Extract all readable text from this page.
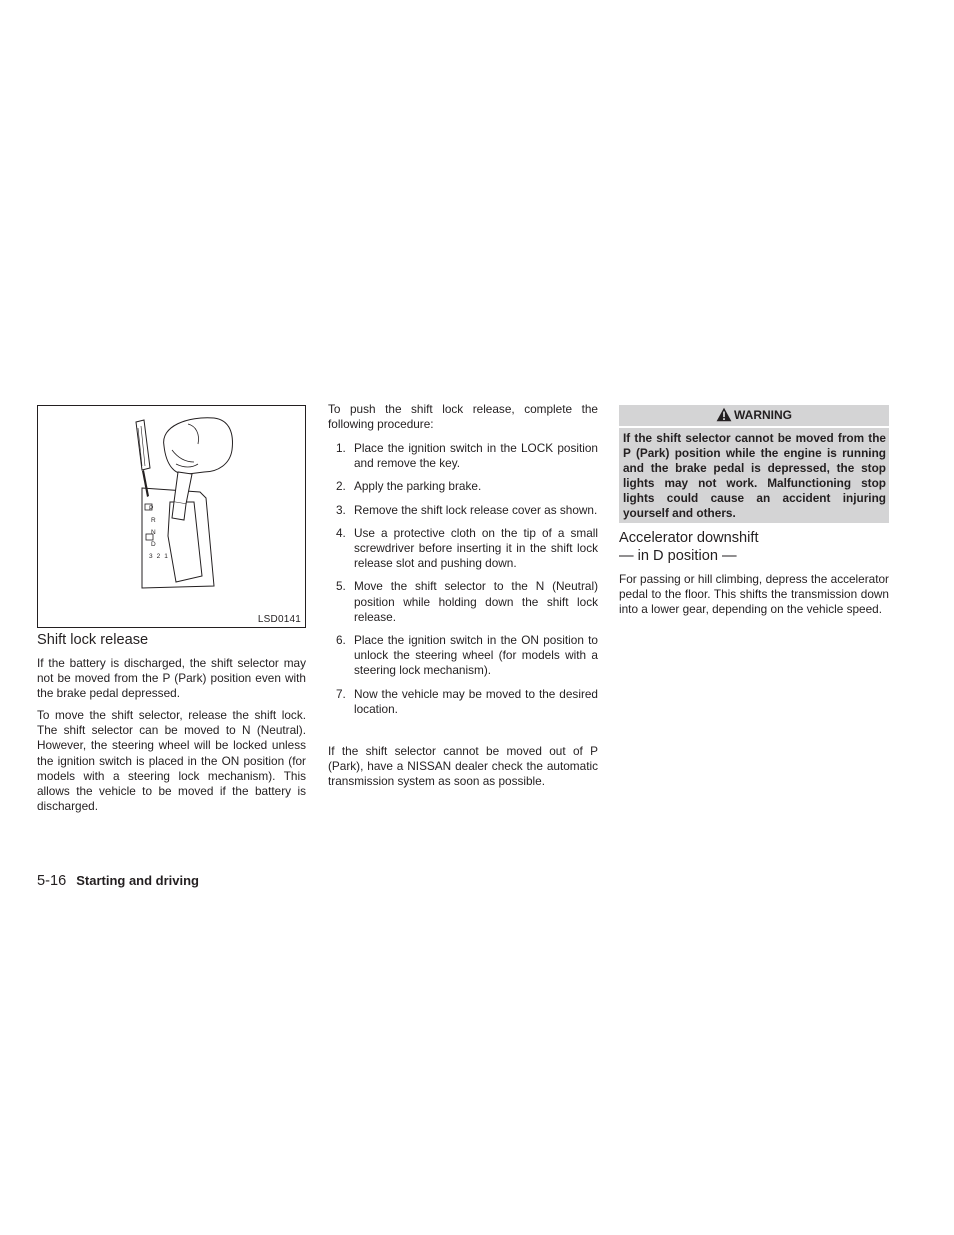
P
R
N
D
3 2 1
LSD0141
Shift lock release

If the battery is discharged, the shift selector may not be moved from the P (Park) position even with the brake pedal depressed.

To move the shift selector, release the shift lock. The shift selector can be moved to N (Neutral). However, the steering wheel will be locked unless the ignition switch is placed in the ON position (for models with a steering lock mechanism). This allows the vehicle to be moved if the battery is discharged.

To push the shift lock release, complete the following procedure:

1. Place the ignition switch in the LOCK position and remove the key.
2. Apply the parking brake.
3. Remove the shift lock release cover as shown.
4. Use a protective cloth on the tip of a small screwdriver before inserting it in the shift lock release slot and pushing down.
5. Move the shift selector to the N (Neutral) position while holding down the shift lock release.
6. Place the ignition switch in the ON position to unlock the steering wheel (for models with a steering lock mechanism).
7. Now the vehicle may be moved to the desired location.

If the shift selector cannot be moved out of P (Park), have a NISSAN dealer check the automatic transmission system as soon as possible.

WARNING
If the shift selector cannot be moved from the P (Park) position while the engine is running and the brake pedal is depressed, the stop lights may not work. Malfunctioning stop lights could cause an accident injuring yourself and others.
Accelerator downshift
— in D position —

For passing or hill climbing, depress the accelerator pedal to the floor. This shifts the transmission down into a lower gear, depending on the vehicle speed.

5-16 Starting and driving
